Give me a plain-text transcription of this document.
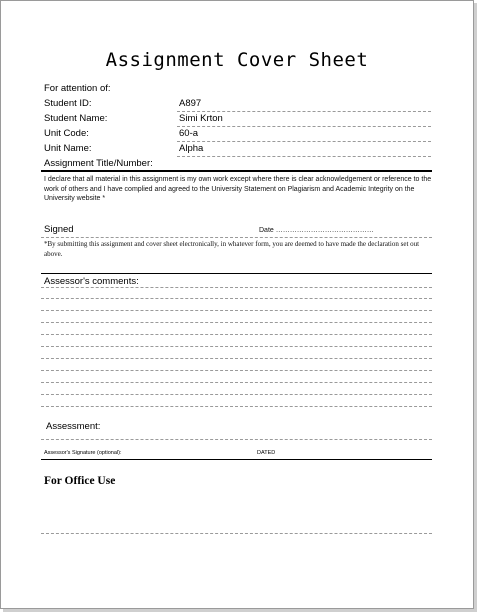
Assignment Cover Sheet
For attention of:
Student ID:	A897
Student Name:	Simi Krton
Unit Code:	60-a
Unit Name:	Alpha
Assignment Title/Number:
I declare that all material in this assignment is my own work except where there is clear acknowledgement or reference to the work of others and I have complied and agreed to the University Statement on Plagiarism and Academic Integrity on the University website *
Signed	Date ……………………………………
*By submitting this assignment and cover sheet electronically, in whatever form, you are deemed to have made the declaration set out above.
Assessor's comments:
Assessment:
Assessor's Signature (optional):	DATED
For Office Use
